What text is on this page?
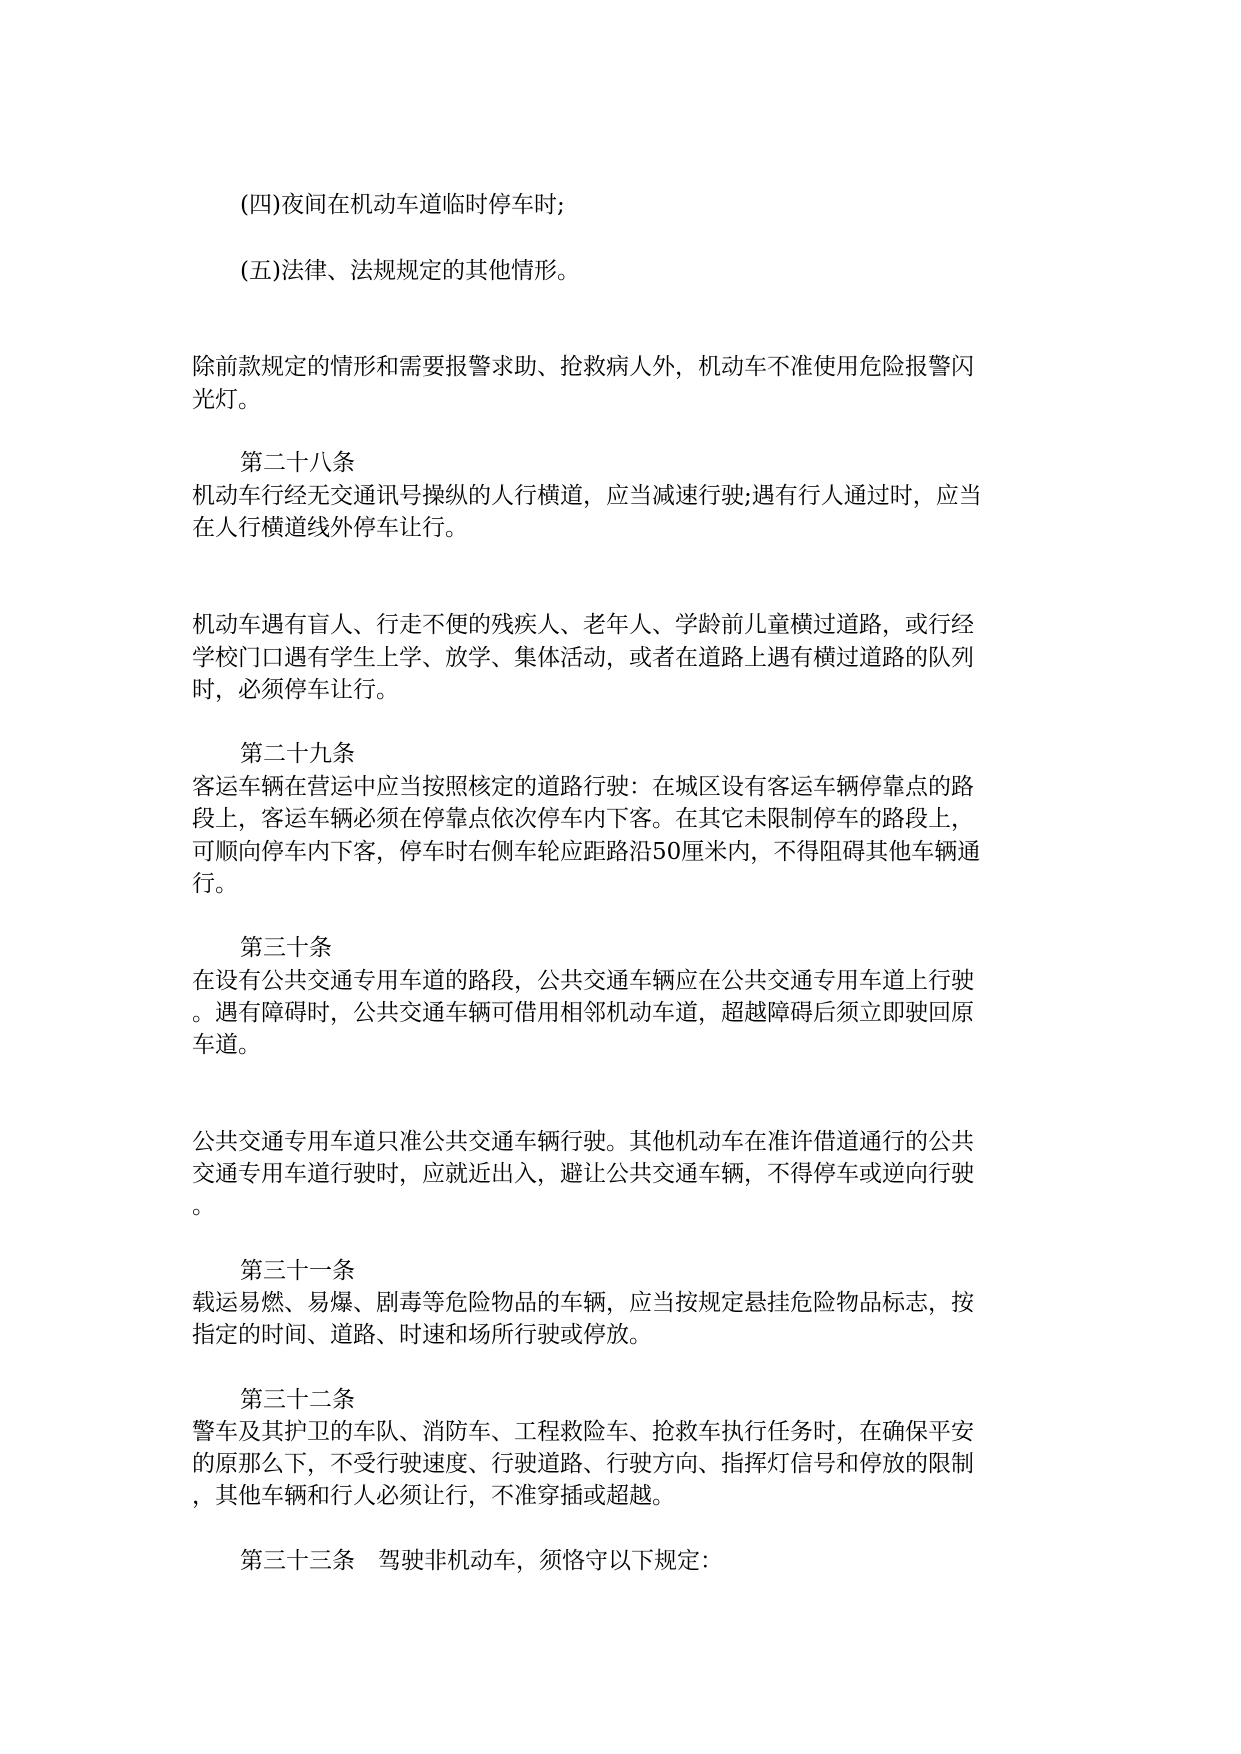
(四)夜间在机动车道临时停车时;
(五)法律、法规规定的其他情形。
除前款规定的情形和需要报警求助、抢救病人外，机动车不准使用危险报警闪
光灯。
第二十八条
机动车行经无交通讯号操纵的人行横道，应当减速行驶;遇有行人通过时，应当
在人行横道线外停车让行。
机动车遇有盲人、行走不便的残疾人、老年人、学龄前儿童横过道路，或行经
学校门口遇有学生上学、放学、集体活动，或者在道路上遇有横过道路的队列
时，必须停车让行。
第二十九条
客运车辆在营运中应当按照核定的道路行驶：在城区设有客运车辆停靠点的路
段上，客运车辆必须在停靠点依次停车内下客。在其它未限制停车的路段上，
可顺向停车内下客，停车时右侧车轮应距路沿50厘米内，不得阻碍其他车辆通
行。
第三十条
在设有公共交通专用车道的路段，公共交通车辆应在公共交通专用车道上行驶
。遇有障碍时，公共交通车辆可借用相邻机动车道，超越障碍后须立即驶回原
车道。
公共交通专用车道只准公共交通车辆行驶。其他机动车在准许借道通行的公共
交通专用车道行驶时，应就近出入，避让公共交通车辆，不得停车或逆向行驶
。
第三十一条
载运易燃、易爆、剧毒等危险物品的车辆，应当按规定悬挂危险物品标志，按
指定的时间、道路、时速和场所行驶或停放。
第三十二条
警车及其护卫的车队、消防车、工程救险车、抢救车执行任务时，在确保平安
的原那么下，不受行驶速度、行驶道路、行驶方向、指挥灯信号和停放的限制
，其他车辆和行人必须让行，不准穿插或超越。
第三十三条　驾驶非机动车，须恪守以下规定：
